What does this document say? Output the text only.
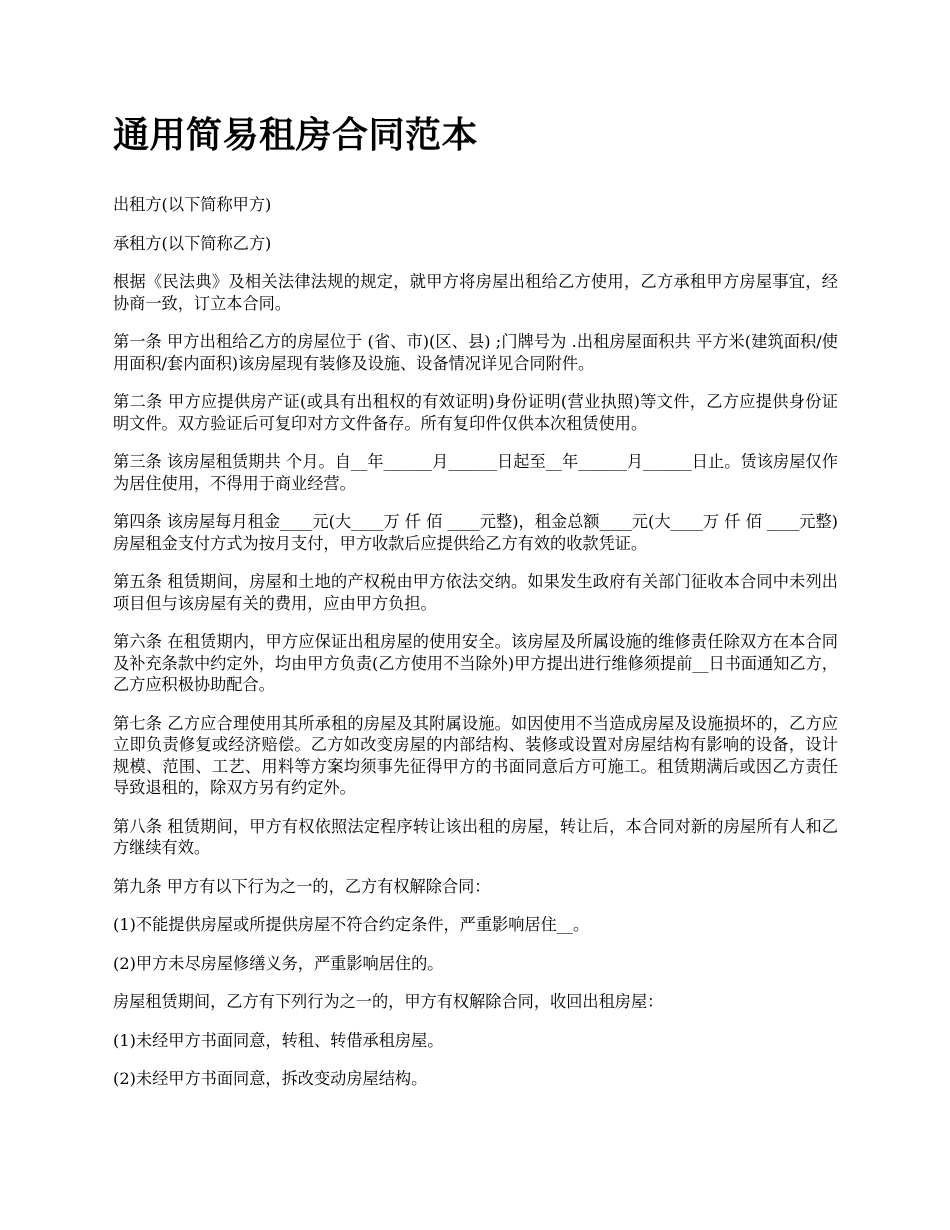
通用简易租房合同范本

出租方(以下简称甲方)

承租方(以下简称乙方)

根据《民法典》及相关法律法规的规定，就甲方将房屋出租给乙方使用，乙方承租甲方房屋事宜，经协商一致，订立本合同。

第一条 甲方出租给乙方的房屋位于 (省、市)(区、县) ;门牌号为 .出租房屋面积共 平方米(建筑面积/使用面积/套内面积)该房屋现有装修及设施、设备情况详见合同附件。

第二条 甲方应提供房产证(或具有出租权的有效证明)身份证明(营业执照)等文件，乙方应提供身份证明文件。双方验证后可复印对方文件备存。所有复印件仅供本次租赁使用。

第三条 该房屋租赁期共 个月。自__年______月______日起至__年______月______日止。赁该房屋仅作为居住使用，不得用于商业经营。

第四条 该房屋每月租金____元(大____万 仟 佰 ____元整)，租金总额____元(大____万 仟 佰 ____元整) 房屋租金支付方式为按月支付，甲方收款后应提供给乙方有效的收款凭证。

第五条 租赁期间，房屋和土地的产权税由甲方依法交纳。如果发生政府有关部门征收本合同中未列出项目但与该房屋有关的费用，应由甲方负担。

第六条 在租赁期内，甲方应保证出租房屋的使用安全。该房屋及所属设施的维修责任除双方在本合同及补充条款中约定外，均由甲方负责(乙方使用不当除外)甲方提出进行维修须提前__日书面通知乙方，乙方应积极协助配合。

第七条 乙方应合理使用其所承租的房屋及其附属设施。如因使用不当造成房屋及设施损坏的，乙方应立即负责修复或经济赔偿。乙方如改变房屋的内部结构、装修或设置对房屋结构有影响的设备，设计规模、范围、工艺、用料等方案均须事先征得甲方的书面同意后方可施工。租赁期满后或因乙方责任导致退租的，除双方另有约定外。

第八条 租赁期间，甲方有权依照法定程序转让该出租的房屋，转让后，本合同对新的房屋所有人和乙方继续有效。

第九条 甲方有以下行为之一的，乙方有权解除合同：

(1)不能提供房屋或所提供房屋不符合约定条件，严重影响居住__。

(2)甲方未尽房屋修缮义务，严重影响居住的。

房屋租赁期间，乙方有下列行为之一的，甲方有权解除合同，收回出租房屋：

(1)未经甲方书面同意，转租、转借承租房屋。

(2)未经甲方书面同意，拆改变动房屋结构。
